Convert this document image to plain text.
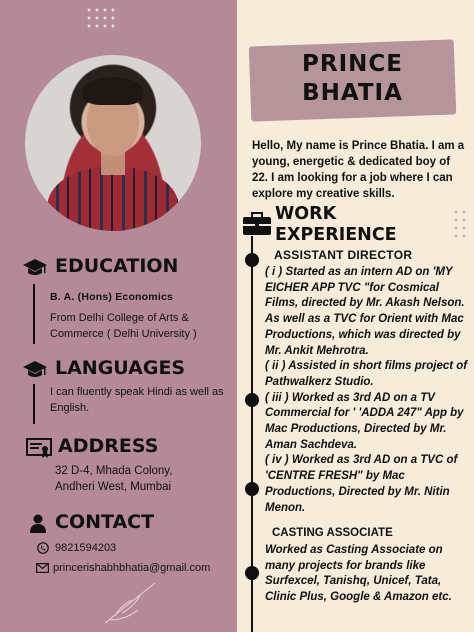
EDUCATION
B. A. (Hons) Economics
From Delhi College of Arts & Commerce ( Delhi University )
LANGUAGES
I can fluently speak Hindi as well as English.
ADDRESS
32 D-4, Mhada Colony,
Andheri West, Mumbai
CONTACT
9821594203
princerishabhbhatia@gmail.com
PRINCE
BHATIA
Hello, My name is Prince Bhatia. I am a young, energetic & dedicated boy of 22. I am looking for a job where I can explore my creative skills.
WORK
EXPERIENCE
ASSISTANT DIRECTOR
( i ) Started as an intern AD on 'MY EICHER APP TVC "for Cosmical Films, directed by Mr. Akash Nelson. As well as a TVC for Orient with Mac Productions, which was directed by Mr. Ankit Mehrotra.
( ii ) Assisted in short films project of Pathwalkerz Studio.
( iii ) Worked as 3rd AD on a TV Commercial for ' 'ADDA 247" App by Mac Productions, Directed by Mr. Aman Sachdeva.
( iv ) Worked as 3rd AD on a TVC of 'CENTRE FRESH" by Mac Productions, Directed by Mr. Nitin Menon.
CASTING ASSOCIATE
Worked as Casting Associate on many projects for brands like Surfexcel, Tanishq, Unicef, Tata, Clinic Plus, Google & Amazon etc.
